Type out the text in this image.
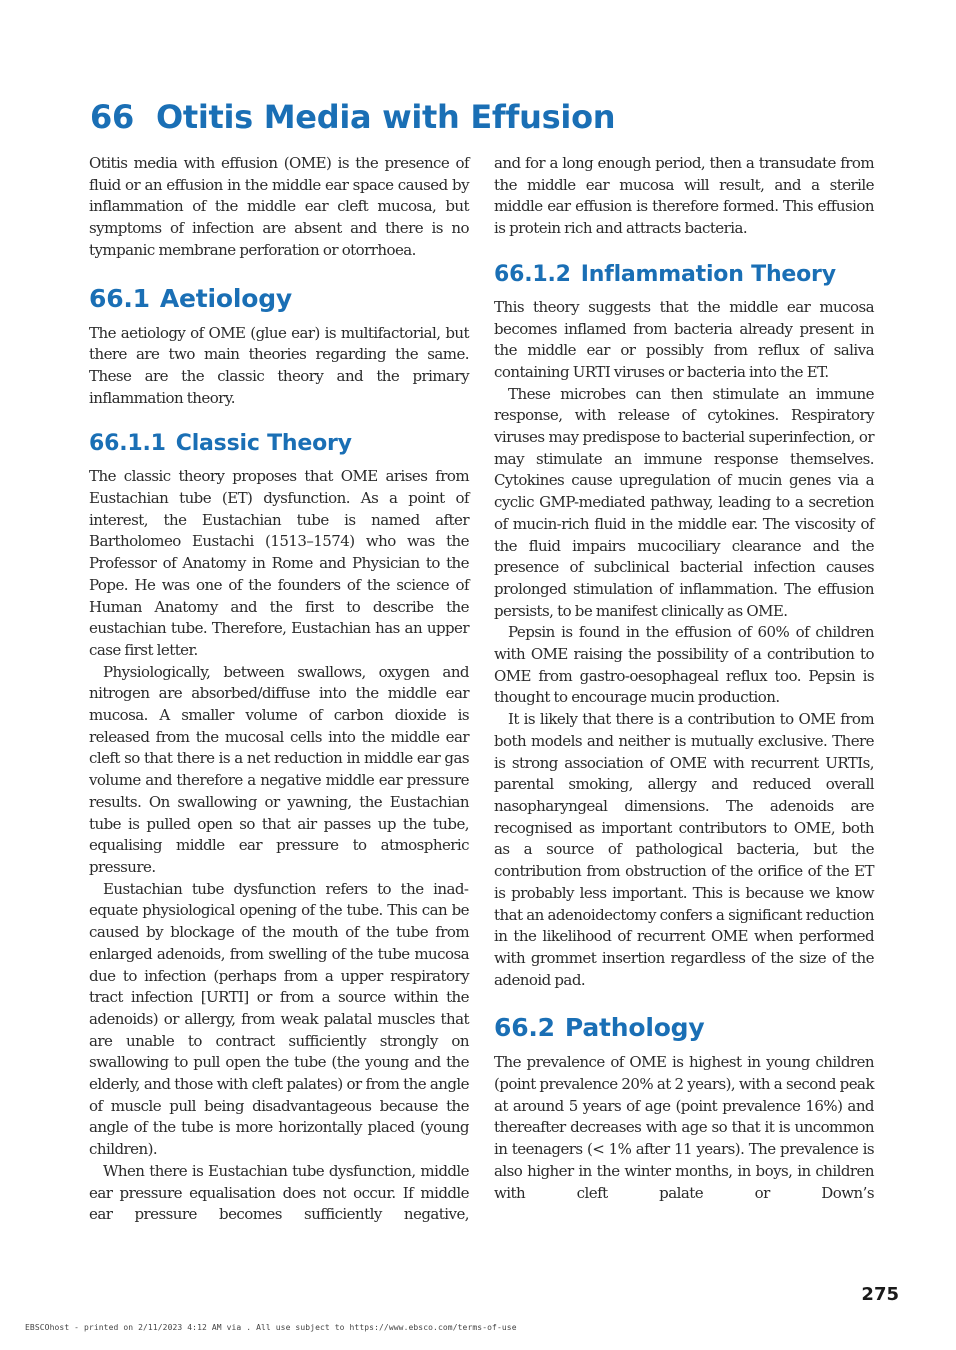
66 Otitis Media with Effusion

Otitis media with effusion (OME) is the presence of fluid or an effusion in the middle ear space caused by inflammation of the middle ear cleft mucosa, but symptoms of infection are absent and there is no tympanic membrane perforation or otorrhoea.

66.1 Aetiology

The aetiology of OME (glue ear) is multifactorial, but there are two main theories regarding the same. These are the classic theory and the primary inflammation theory.

66.1.1 Classic Theory

The classic theory proposes that OME arises from Eustachian tube (ET) dysfunction. As a point of interest, the Eustachian tube is named after Bartholomeo Eustachi (1513–1574) who was the Professor of Anatomy in Rome and Physician to the Pope. He was one of the founders of the science of Human Anatomy and the first to describe the eustachian tube. Therefore, Eustachian has an upper case first letter.

Physiologically, between swallows, oxygen and nitrogen are absorbed/diffuse into the middle ear mucosa. A smaller volume of carbon dioxide is released from the mucosal cells into the middle ear cleft so that there is a net reduction in middle ear gas volume and therefore a negative middle ear pressure results. On swallowing or yawning, the Eustachian tube is pulled open so that air passes up the tube, equalising middle ear pressure to atmospheric pressure.

Eustachian tube dysfunction refers to the inadequate physiological opening of the tube. This can be caused by blockage of the mouth of the tube from enlarged adenoids, from swelling of the tube mucosa due to infection (perhaps from a upper respiratory tract infection [URTI] or from a source within the adenoids) or allergy, from weak palatal muscles that are unable to contract sufficiently strongly on swallowing to pull open the tube (the young and the elderly, and those with cleft palates) or from the angle of muscle pull being disadvantageous because the angle of the tube is more horizontally placed (young children).

When there is Eustachian tube dysfunction, middle ear pressure equalisation does not occur. If middle ear pressure becomes sufficiently negative,

and for a long enough period, then a transudate from the middle ear mucosa will result, and a sterile middle ear effusion is therefore formed. This effusion is protein rich and attracts bacteria.

66.1.2 Inflammation Theory

This theory suggests that the middle ear mucosa becomes inflamed from bacteria already present in the middle ear or possibly from reflux of saliva containing URTI viruses or bacteria into the ET.

These microbes can then stimulate an immune response, with release of cytokines. Respiratory viruses may predispose to bacterial superinfection, or may stimulate an immune response themselves. Cytokines cause upregulation of mucin genes via a cyclic GMP-mediated pathway, leading to a secretion of mucin-rich fluid in the middle ear. The viscosity of the fluid impairs mucociliary clearance and the presence of subclinical bacterial infection causes prolonged stimulation of inflammation. The effusion persists, to be manifest clinically as OME.

Pepsin is found in the effusion of 60% of children with OME raising the possibility of a contribution to OME from gastro-oesophageal reflux too. Pepsin is thought to encourage mucin production.

It is likely that there is a contribution to OME from both models and neither is mutually exclusive. There is strong association of OME with recurrent URTIs, parental smoking, allergy and reduced overall nasopharyngeal dimensions. The adenoids are recognised as important contributors to OME, both as a source of pathological bacteria, but the contribution from obstruction of the orifice of the ET is probably less important. This is because we know that an adenoidectomy confers a significant reduction in the likelihood of recurrent OME when performed with grommet insertion regardless of the size of the adenoid pad.

66.2 Pathology

The prevalence of OME is highest in young children (point prevalence 20% at 2 years), with a second peak at around 5 years of age (point prevalence 16%) and thereafter decreases with age so that it is uncommon in teenagers (< 1% after 11 years). The prevalence is also higher in the winter months, in boys, in children with cleft palate or Down’s

275
EBSCOhost - printed on 2/11/2023 4:12 AM via . All use subject to https://www.ebsco.com/terms-of-use
